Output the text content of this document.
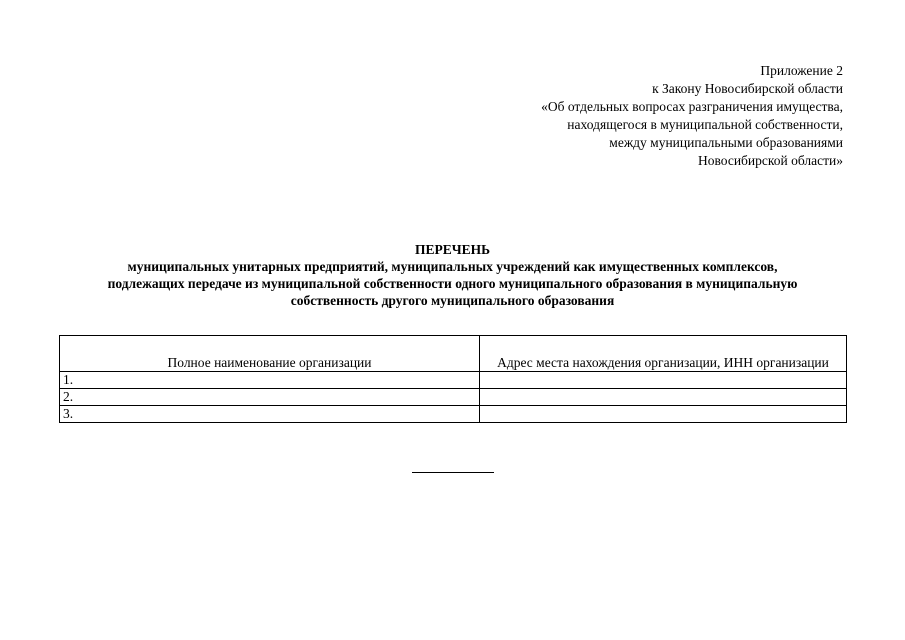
Приложение 2
к Закону Новосибирской области
«Об отдельных вопросах разграничения имущества,
находящегося в муниципальной собственности,
между муниципальными образованиями
Новосибирской области»
ПЕРЕЧЕНЬ
муниципальных унитарных предприятий, муниципальных учреждений как имущественных комплексов,
подлежащих передаче из муниципальной собственности одного муниципального образования в муниципальную
собственность другого муниципального образования
Полное наименование организации	Адрес места нахождения организации, ИНН организации
1.	
2.	
3.	
